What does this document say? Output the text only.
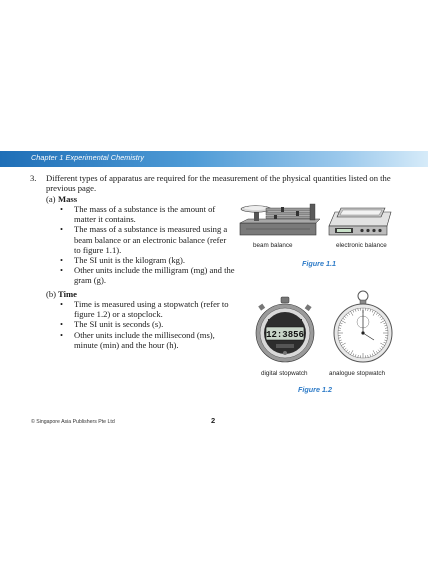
Chapter 1 Experimental Chemistry
3. Different types of apparatus are required for the measurement of the physical quantities listed on the previous page.
(a) Mass
• The mass of a substance is the amount of matter it contains.
• The mass of a substance is measured using a beam balance or an electronic balance (refer to figure 1.1).
• The SI unit is the kilogram (kg).
• Other units include the milligram (mg) and the gram (g).
(b) Time
• Time is measured using a stopwatch (refer to figure 1.2) or a stopclock.
• The SI unit is seconds (s).
• Other units include the millisecond (ms), minute (min) and the hour (h).
beam balance	electronic balance
Figure 1.1
12:3856
digital stopwatch	analogue stopwatch
Figure 1.2
© Singapore Asia Publishers Pte Ltd	2
